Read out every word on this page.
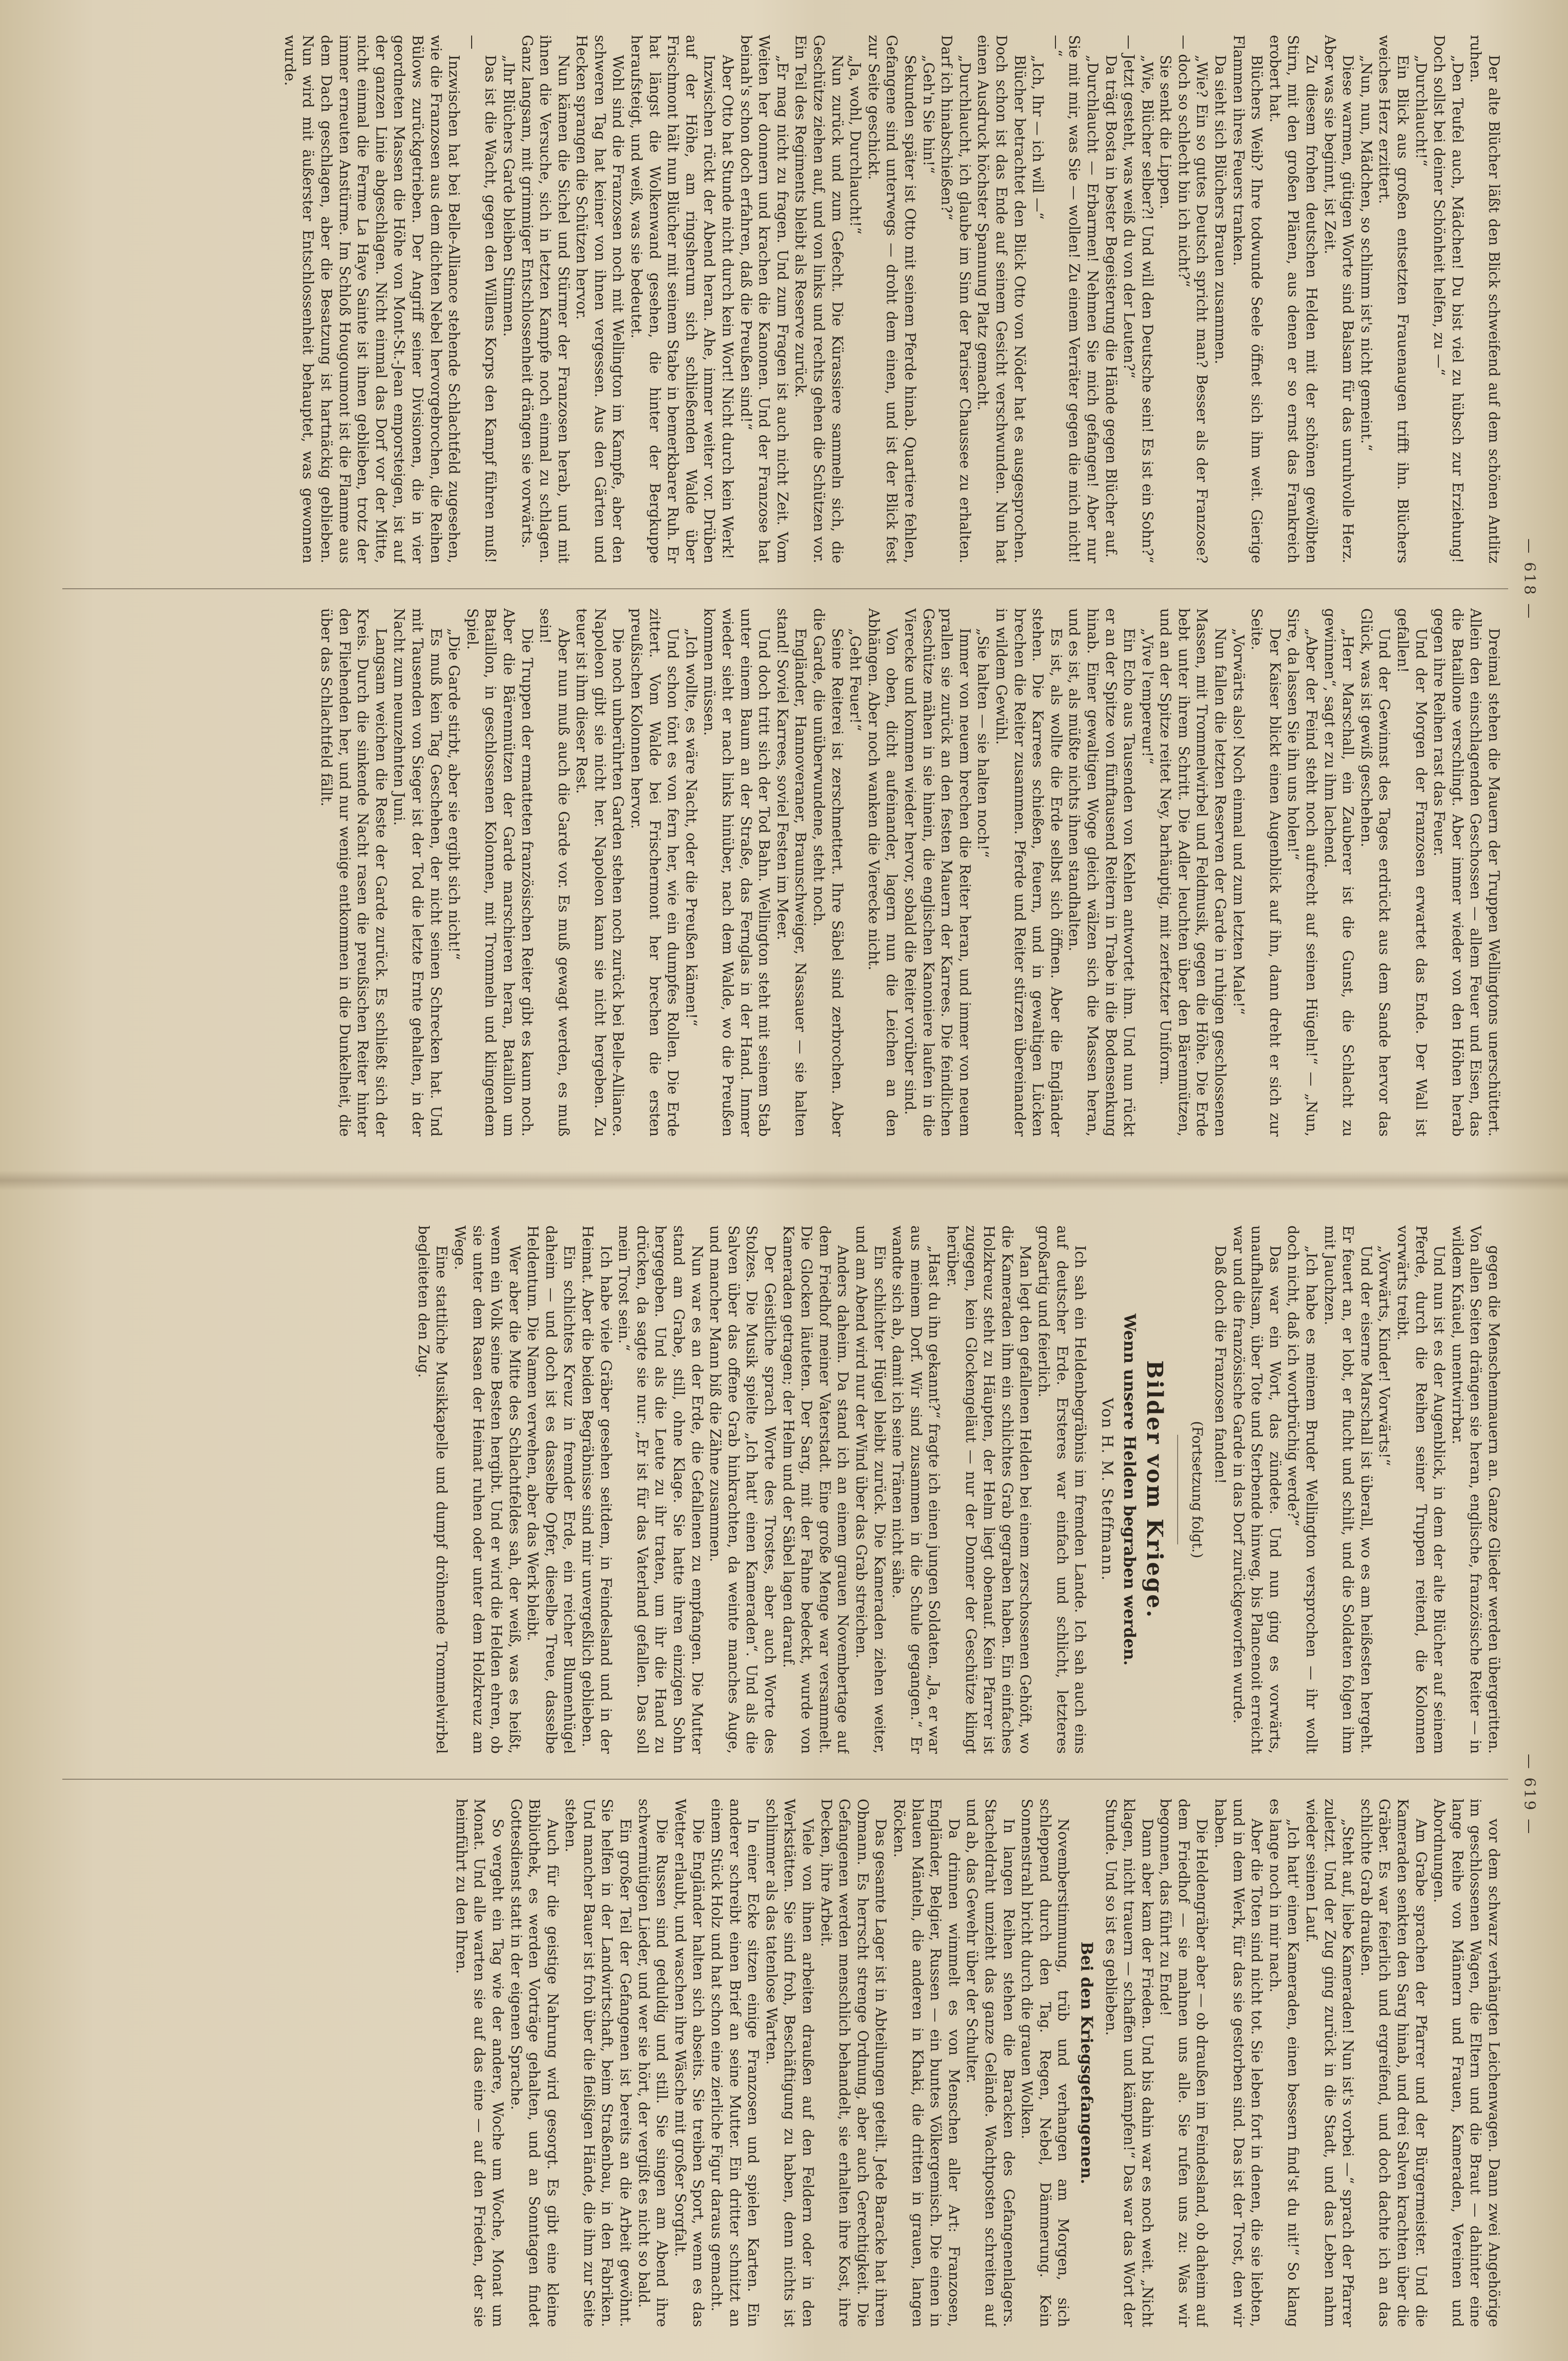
— 618 —

Der alte Blücher läßt den Blick schweifend auf dem schönen Antlitz ruhen.

„Den Teufel auch, Mädchen! Du bist viel zu hübsch zur Erziehung! Doch sollst bei deiner Schönheit helfen, zu —“

„Durchlaucht!“

Ein Blick aus großen entsetzten Frauenaugen trifft ihn. Blüchers weiches Herz erzittert.

„Nun, nun, Mädchen, so schlimm ist's nicht gemeint.“

Diese warmen, gütigen Worte sind Balsam für das unruhvolle Herz. Aber was sie beginnt, ist Zeit.

Zu diesem frohen deutschen Helden mit der schönen gewölbten Stirn, mit den großen Plänen, aus denen er so ernst das Frankreich erobert hat.

Blüchers Weib? Ihre todwunde Seele öffnet sich ihm weit. Gierige Flammen ihres Feuers tranken.

Da sieht sich Blüchers Brauen zusammen.

„Wie? Ein so gutes Deutsch spricht man? Besser als der Franzose? — doch so schlecht bin ich nicht?“

Sie senkt die Lippen.

„Wie, Blücher selber?! Und will den Deutsche sein! Es ist ein Sohn?“ — Jetzt gesteht, was weiß du von der Leuten?“

Da trägt Bosta in bester Begeisterung die Hände gegen Blücher auf.

„Durchlaucht — Erbarmen! Nehmen Sie mich gefangen! Aber nur Sie mit mir, was Sie — wollen! Zu einem Verräter gegen die mich nicht! —“

„Ich, Ihr — ich will —“

Blücher betrachtet den Blick Otto von Nöder hat es ausgesprochen. Doch schon ist das Ende auf seinem Gesicht verschwunden. Nun hat einen Ausdruck höchster Spannung Platz gemacht.

„Durchlaucht, ich glaube im Sinn der Pariser Chaussee zu erhalten. Darf ich hinabschießen?“

„Geh'n Sie hin!“

Sekunden später ist Otto mit seinem Pferde hinab. Quartiere fehlen, Gefangene sind unterwegs — droht dem einen, und ist der Blick fest zur Seite geschickt.

„Ja, wohl, Durchlaucht!“

Nun zurück und zum Gefecht. Die Kürassiere sammeln sich, die Geschütze ziehen auf, und von links und rechts gehen die Schützen vor. Ein Teil des Regiments bleibt als Reserve zurück.

„Er mag nicht zu fragen. Und zum Fragen ist auch nicht Zeit. Vom Weiten her donnern und krachen die Kanonen. Und der Franzose hat beinah's schon doch erfahren, daß die Preußen sind!“

Aber Otto hat Stunde nicht durch kein Wort! Nicht durch kein Werk!

Inzwischen rückt der Abend heran. Ahe, immer weiter vor. Drüben auf der Höhe, am ringsherum sich schließenden Walde über Frischmont hält nun Blücher mit seinem Stabe in bemerkbarer Ruh. Er hat längst die Wolkenwand gesehen, die hinter der Bergkuppe heraufsteigt, und weiß, was sie bedeutet.

Wohl sind die Franzosen noch mit Wellington im Kampfe, aber den schweren Tag hat keiner von ihnen vergessen. Aus den Gärten und Hecken sprangen die Schützen hervor.

Nun kämen die Sichel und Stürmer der Franzosen herab, und mit ihnen die Versuche, sich in letzten Kampfe noch einmal zu schlagen. Ganz langsam, mit grimmiger Entschlossenheit drängen sie vorwärts.

„Ihr Blüchers Garde bleiben Stimmen.

Das ist die Wacht, gegen den Willens Korps den Kampf führen muß! —

Inzwischen hat bei Belle-Alliance stehende Schlachtfeld zugesehen, wie die Franzosen aus dem dichten Nebel hervorgebrochen, die Reihen Bülows zurückgetrieben. Der Angriff seiner Divisionen, die in vier geordneten Massen die Höhe von Mont-St.-Jean emporsteigen, ist auf der ganzen Linie abgeschlagen. Nicht einmal das Dorf vor der Mitte, nicht einmal die Ferme La Haye Sainte ist ihnen geblieben, trotz der immer erneuten Anstürme. Im Schloß Hougoumont ist die Flamme aus dem Dach geschlagen, aber die Besatzung ist hartnäckig geblieben. Nun wird mit äußerster Entschlossenheit behauptet, was gewonnen wurde.

Dreimal stehen die Mauern der Truppen Wellingtons unerschüttert. Allein den einschlagenden Geschossen — allem Feuer und Eisen, das die Bataillone verschlingt. Aber immer wieder von den Höhen herab gegen ihre Reihen rast das Feuer.

Und der Morgen der Franzosen erwartet das Ende. Der Wall ist gefallen!

Und der Gewinnst des Tages erdrückt aus dem Sande hervor das Glück, was ist gewiß geschehen.

„Herr Marschall, ein Zauberer ist die Gunst, die Schlacht zu gewinnen“, sagt er zu ihm lachend.

„Aber der Feind steht noch aufrecht auf seinen Hügeln!“ — „Nun, Sire, da lassen Sie ihn uns holen!“

Der Kaiser blickt einen Augenblick auf ihn, dann dreht er sich zur Seite.

„Vorwärts also! Noch einmal und zum letzten Male!“

Nun fallen die letzten Reserven der Garde in ruhigen geschlossenen Massen, mit Trommelwirbel und Feldmusik, gegen die Höhe. Die Erde bebt unter ihrem Schritt. Die Adler leuchten über den Bärenmützen, und an der Spitze reitet Ney, barhäuptig, mit zerfetzter Uniform.

„Vive l'empereur!“

Ein Echo aus Tausenden von Kehlen antwortet ihm. Und nun rückt er an der Spitze von fünftausend Reitern in Trabe in die Bodensenkung hinab. Einer gewaltigen Woge gleich wälzen sich die Massen heran, und es ist, als müßte nichts ihnen standhalten.

Es ist, als wollte die Erde selbst sich öffnen. Aber die Engländer stehen. Die Karrees schießen, feuern, und in gewaltigen Lücken brechen die Reiter zusammen. Pferde und Reiter stürzen übereinander in wildem Gewühl.

„Sie halten — sie halten noch!“

Immer von neuem brechen die Reiter heran, und immer von neuem prallen sie zurück an den festen Mauern der Karrees. Die feindlichen Geschütze mähen in sie hinein, die englischen Kanoniere laufen in die Vierecke und kommen wieder hervor, sobald die Reiter vorüber sind.

Von oben, dicht aufeinander, lagern nun die Leichen an den Abhängen. Aber noch wanken die Vierecke nicht.

„Geht Feuer!“

Seine Reiterei ist zerschmettert. Ihre Säbel sind zerbrochen. Aber die Garde, die unüberwundene, steht noch.

Engländer, Hannoveraner, Braunschweiger, Nassauer — sie halten stand! Soviel Karrees, soviel Festen im Meer.

Und doch tritt sich der Tod Bahn. Wellington steht mit seinem Stab unter einem Baum an der Straße, das Fernglas in der Hand. Immer wieder sieht er nach links hinüber, nach dem Walde, wo die Preußen kommen müssen.

„Ich wollte, es wäre Nacht, oder die Preußen kämen!“

Und schon tönt es von fern her, wie ein dumpfes Rollen. Die Erde zittert. Vom Walde bei Frischermont her brechen die ersten preußischen Kolonnen hervor.

Die noch unberührten Garden stehen noch zurück bei Belle-Alliance. Napoleon gibt sie nicht her. Napoleon kann sie nicht hergeben. Zu teuer ist ihm dieser Rest.

Aber nun muß auch die Garde vor. Es muß gewagt werden, es muß sein!

Die Truppen der ermatteten französischen Reiter gibt es kaum noch. Aber die Bärenmützen der Garde marschieren heran, Bataillon um Bataillon, in geschlossenen Kolonnen, mit Trommeln und klingendem Spiel.

„Die Garde stirbt, aber sie ergibt sich nicht!“

Es muß kein Tag Geschehen, der nicht seinen Schrecken hat. Und mit Tausenden von Sieger ist der Tod die letzte Ernte gehalten, in der Nacht zum neunzehnten Juni.

Langsam weichen die Reste der Garde zurück. Es schließt sich der Kreis. Durch die sinkende Nacht rasen die preußischen Reiter hinter den Fliehenden her, und nur wenige entkommen in die Dunkelheit, die über das Schlachtfeld fällt.

— 619 —

gegen die Menschenmauern an. Ganze Glieder werden übergeritten. Von allen Seiten drängen sie heran, englische, französische Reiter — in wildem Knäuel, unentwirrbar.

Und nun ist es der Augenblick, in dem der alte Blücher auf seinem Pferde, durch die Reihen seiner Truppen reitend, die Kolonnen vorwärts treibt.

„Vorwärts, Kinder! Vorwärts!“

Und der eiserne Marschall ist überall, wo es am heißesten hergeht. Er feuert an, er lobt, er flucht und schilt, und die Soldaten folgen ihm mit Jauchzen.

„Ich habe es meinem Bruder Wellington versprochen — ihr wollt doch nicht, daß ich wortbrüchig werde?“

Das war ein Wort, das zündete. Und nun ging es vorwärts, unaufhaltsam, über Tote und Sterbende hinweg, bis Plancenoit erreicht war und die französische Garde in das Dorf zurückgeworfen wurde.

Daß doch die Franzosen fanden!

(Fortsetzung folgt.)
Bilder vom Kriege.
Wenn unsere Helden begraben werden.
Von H. M. Steffmann.

Ich sah ein Heldenbegräbnis im fremden Lande. Ich sah auch eins auf deutscher Erde. Ersteres war einfach und schlicht, letzteres großartig und feierlich.

Man legt den gefallenen Helden bei einem zerschossenen Gehöft, wo die Kameraden ihm ein schlichtes Grab gegraben haben. Ein einfaches Holzkreuz steht zu Häupten, der Helm liegt obenauf. Kein Pfarrer ist zugegen, kein Glockengeläut — nur der Donner der Geschütze klingt herüber.

„Hast du ihn gekannt?“ fragte ich einen jungen Soldaten. „Ja, er war aus meinem Dorf. Wir sind zusammen in die Schule gegangen.“ Er wandte sich ab, damit ich seine Tränen nicht sähe.

Ein schlichter Hügel bleibt zurück. Die Kameraden ziehen weiter, und am Abend wird nur der Wind über das Grab streichen.

Anders daheim. Da stand ich an einem grauen Novembertage auf dem Friedhof meiner Vaterstadt. Eine große Menge war versammelt. Die Glocken läuteten. Der Sarg, mit der Fahne bedeckt, wurde von Kameraden getragen; der Helm und der Säbel lagen darauf.

Der Geistliche sprach Worte des Trostes, aber auch Worte des Stolzes. Die Musik spielte „Ich hatt' einen Kameraden“. Und als die Salven über das offene Grab hinkrachten, da weinte manches Auge, und mancher Mann biß die Zähne zusammen.

Nun war es an der Erde, die Gefallenen zu empfangen. Die Mutter stand am Grabe, still, ohne Klage. Sie hatte ihren einzigen Sohn hergegeben. Und als die Leute zu ihr traten, um ihr die Hand zu drücken, da sagte sie nur: „Er ist für das Vaterland gefallen. Das soll mein Trost sein.“

Ich habe viele Gräber gesehen seitdem, in Feindesland und in der Heimat. Aber die beiden Begräbnisse sind mir unvergeßlich geblieben.

Ein schlichtes Kreuz in fremder Erde, ein reicher Blumenhügel daheim — und doch ist es dasselbe Opfer, dieselbe Treue, dasselbe Heldentum. Die Namen verwehen, aber das Werk bleibt.

Wer aber die Mitte des Schlachtfeldes sah, der weiß, was es heißt, wenn ein Volk seine Besten hergibt. Und er wird die Helden ehren, ob sie unter dem Rasen der Heimat ruhen oder unter dem Holzkreuz am Wege.

Eine stattliche Musikkapelle und dumpf dröhnende Trommelwirbel begleiteten den Zug.

vor dem schwarz verhängten Leichenwagen. Dann zwei Angehörige im geschlossenen Wagen, die Eltern und die Braut — dahinter eine lange Reihe von Männern und Frauen, Kameraden, Vereinen und Abordnungen.

Am Grabe sprachen der Pfarrer und der Bürgermeister. Und die Kameraden senkten den Sarg hinab, und drei Salven krachten über die Gräber. Es war feierlich und ergreifend, und doch dachte ich an das schlichte Grab draußen.

„Steht auf, liebe Kameraden! Nun ist's vorbei —“ sprach der Pfarrer zuletzt. Und der Zug ging zurück in die Stadt, und das Leben nahm wieder seinen Lauf.

„Ich hatt' einen Kameraden, einen bessern find'st du nit!“ So klang es lange noch in mir nach.

Aber die Toten sind nicht tot. Sie leben fort in denen, die sie liebten, und in dem Werk, für das sie gestorben sind. Das ist der Trost, den wir haben.

Die Heldengräber aber — ob draußen im Feindesland, ob daheim auf dem Friedhof — sie mahnen uns alle. Sie rufen uns zu: Was wir begonnen, das führt zu Ende!

Dann aber kam der Frieden. Und bis dahin war es noch weit. „Nicht klagen, nicht trauern — schaffen und kämpfen!“ Das war das Wort der Stunde. Und so ist es geblieben.

Bei den Kriegsgefangenen.

Novemberstimmung, trüb und verhangen am Morgen, sich schleppend durch den Tag. Regen, Nebel, Dämmerung. Kein Sonnenstrahl bricht durch die grauen Wolken.

In langen Reihen stehen die Baracken des Gefangenenlagers. Stacheldraht umzieht das ganze Gelände. Wachtposten schreiten auf und ab, das Gewehr über der Schulter.

Da drinnen wimmelt es von Menschen aller Art: Franzosen, Engländer, Belgier, Russen — ein buntes Völkergemisch. Die einen in blauen Mänteln, die anderen in Khaki, die dritten in grauen, langen Röcken.

Das gesamte Lager ist in Abteilungen geteilt. Jede Baracke hat ihren Obmann. Es herrscht strenge Ordnung, aber auch Gerechtigkeit. Die Gefangenen werden menschlich behandelt, sie erhalten ihre Kost, ihre Decken, ihre Arbeit.

Viele von ihnen arbeiten draußen auf den Feldern oder in den Werkstätten. Sie sind froh, Beschäftigung zu haben, denn nichts ist schlimmer als das tatenlose Warten.

In einer Ecke sitzen einige Franzosen und spielen Karten. Ein anderer schreibt einen Brief an seine Mutter. Ein dritter schnitzt an einem Stück Holz und hat schon eine zierliche Figur daraus gemacht.

Die Engländer halten sich abseits. Sie treiben Sport, wenn es das Wetter erlaubt, und waschen ihre Wäsche mit großer Sorgfalt.

Die Russen sind geduldig und still. Sie singen am Abend ihre schwermütigen Lieder, und wer sie hört, der vergißt es nicht so bald.

Ein großer Teil der Gefangenen ist bereits an die Arbeit gewöhnt. Sie helfen in der Landwirtschaft, beim Straßenbau, in den Fabriken. Und mancher Bauer ist froh über die fleißigen Hände, die ihm zur Seite stehen.

Auch für die geistige Nahrung wird gesorgt. Es gibt eine kleine Bibliothek, es werden Vorträge gehalten, und an Sonntagen findet Gottesdienst statt in der eigenen Sprache.

So vergeht ein Tag wie der andere, Woche um Woche, Monat um Monat. Und alle warten sie auf das eine — auf den Frieden, der sie heimführt zu den Ihren.
